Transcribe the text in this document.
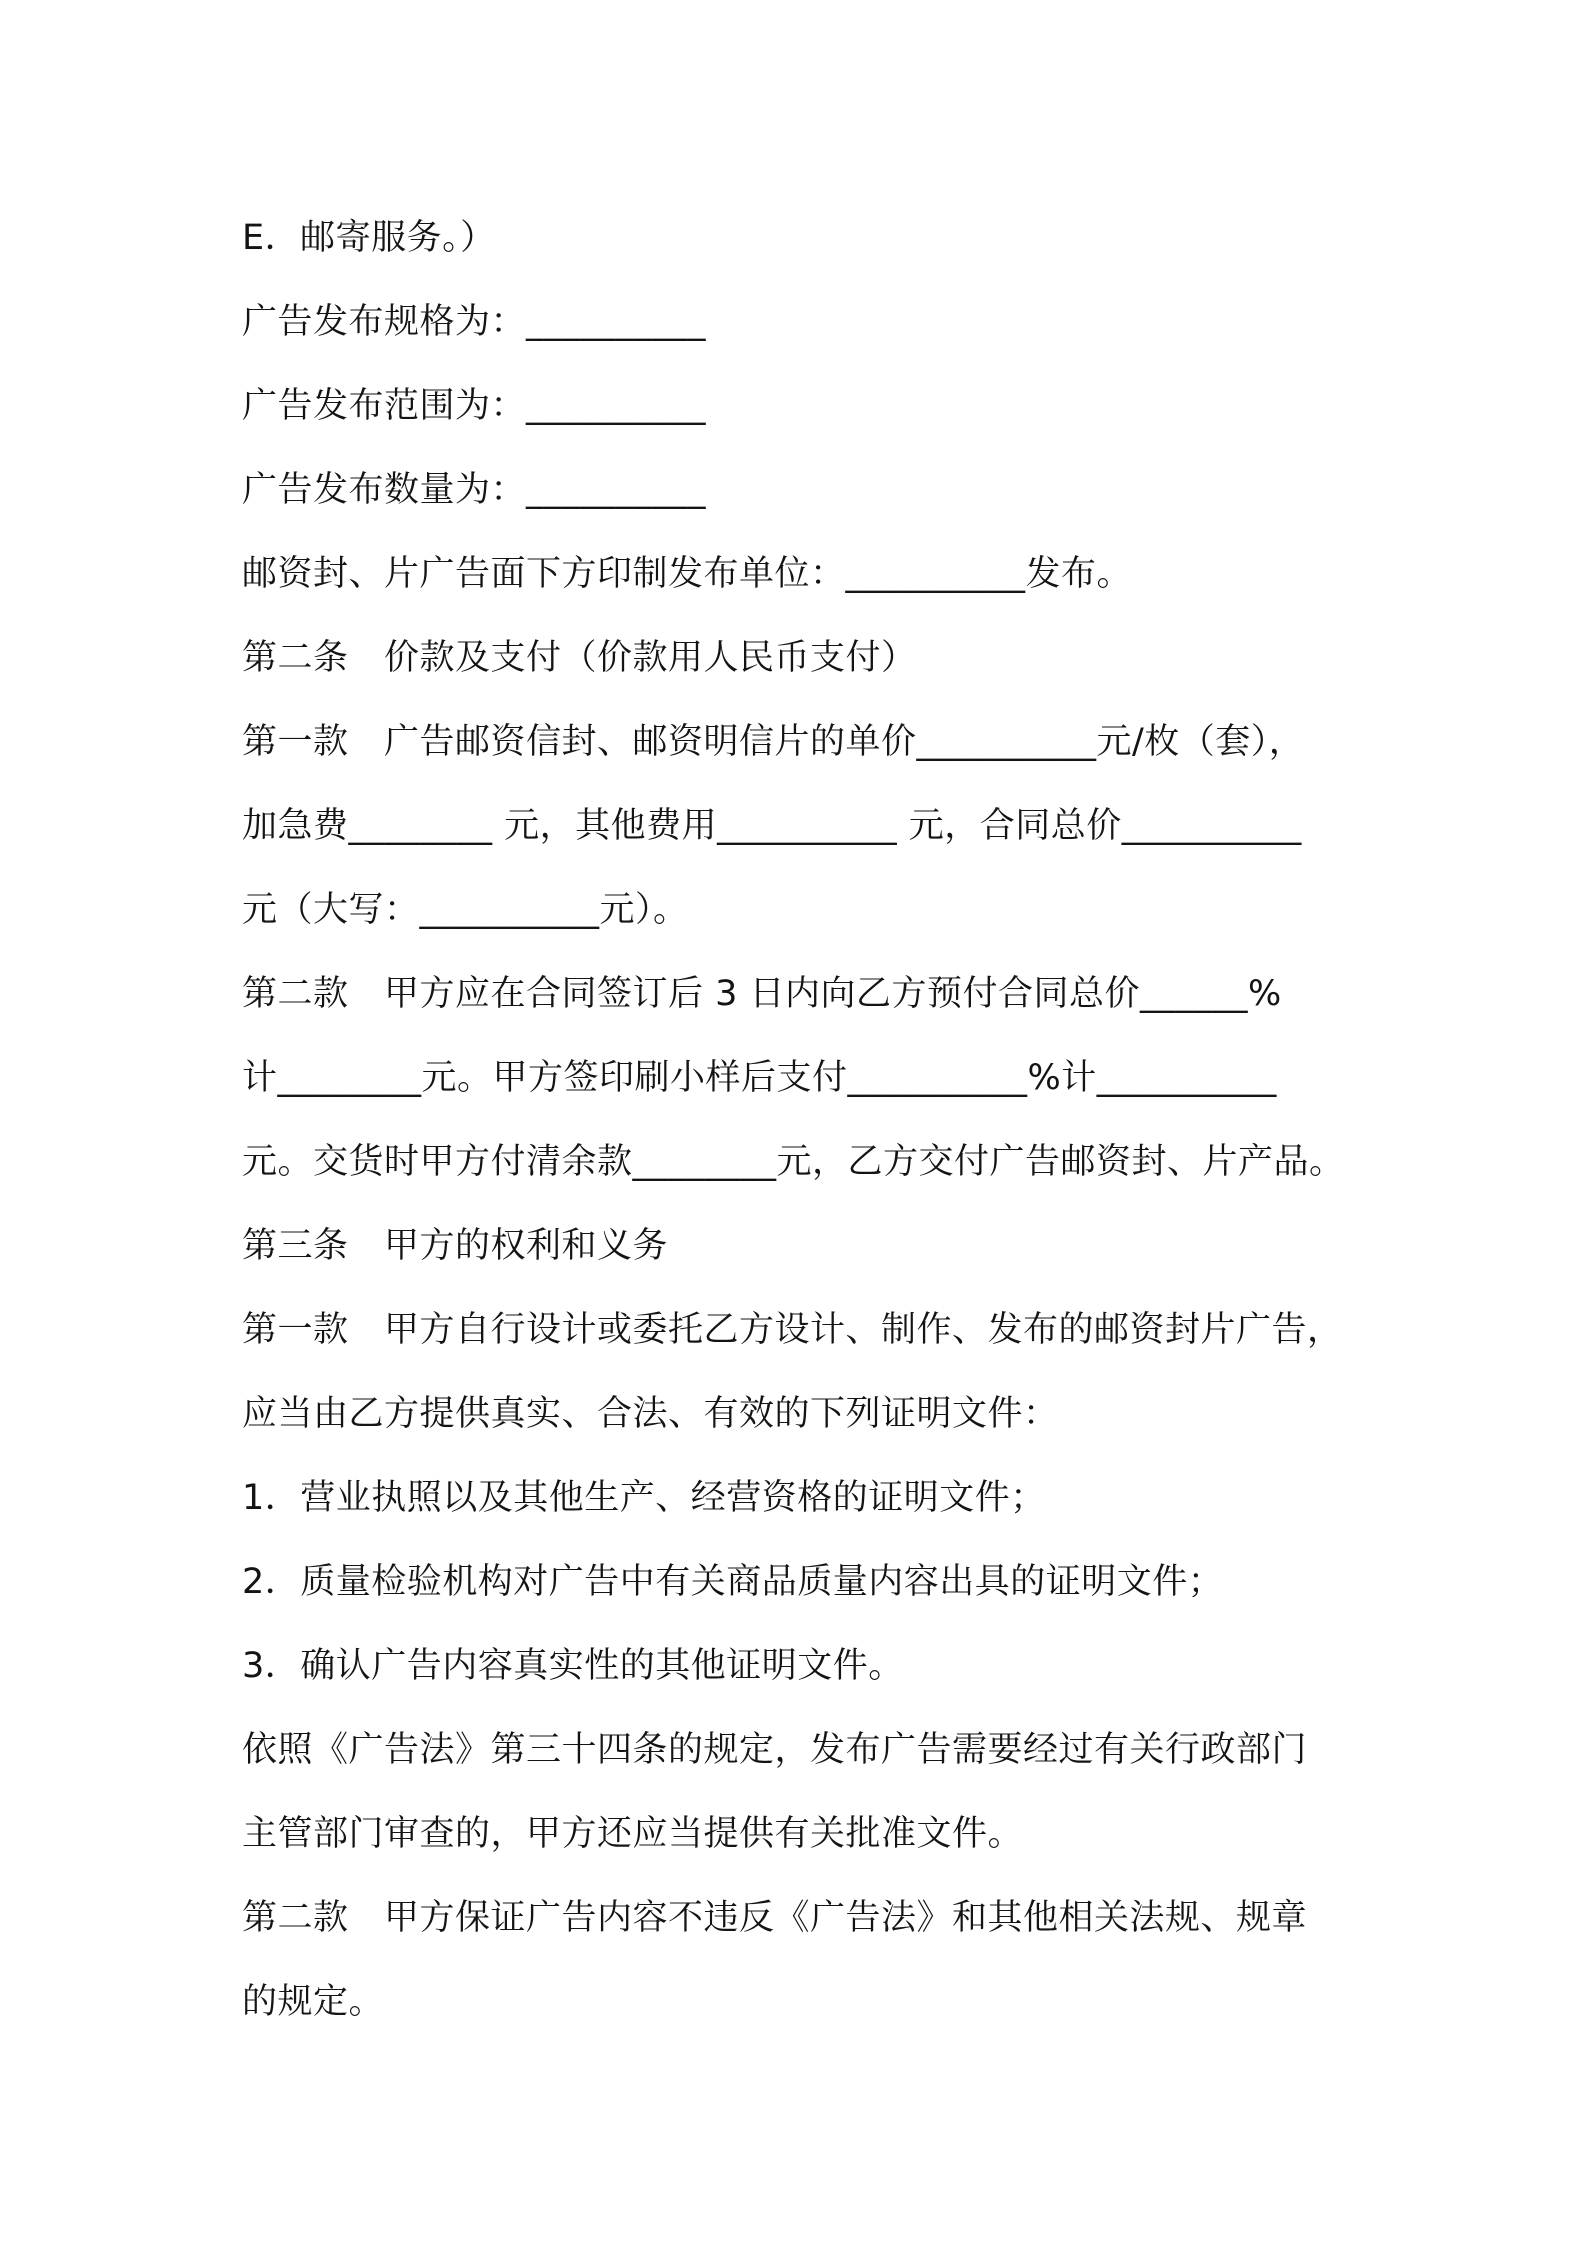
E．邮寄服务。）
广告发布规格为：__________
广告发布范围为：__________
广告发布数量为：__________
邮资封、片广告面下方印制发布单位：__________发布。
第二条　价款及支付（价款用人民币支付）
第一款　广告邮资信封、邮资明信片的单价__________元/枚（套），
加急费________ 元，其他费用__________ 元，合同总价__________
元（大写：__________元）。
第二款　甲方应在合同签订后 3 日内向乙方预付合同总价______%
计________元。甲方签印刷小样后支付__________%计__________
元。交货时甲方付清余款________元，乙方交付广告邮资封、片产品。
第三条　甲方的权利和义务
第一款　甲方自行设计或委托乙方设计、制作、发布的邮资封片广告，
应当由乙方提供真实、合法、有效的下列证明文件：
1．营业执照以及其他生产、经营资格的证明文件；
2．质量检验机构对广告中有关商品质量内容出具的证明文件；
3．确认广告内容真实性的其他证明文件。
依照《广告法》第三十四条的规定，发布广告需要经过有关行政部门
主管部门审查的，甲方还应当提供有关批准文件。
第二款　甲方保证广告内容不违反《广告法》和其他相关法规、规章
的规定。
